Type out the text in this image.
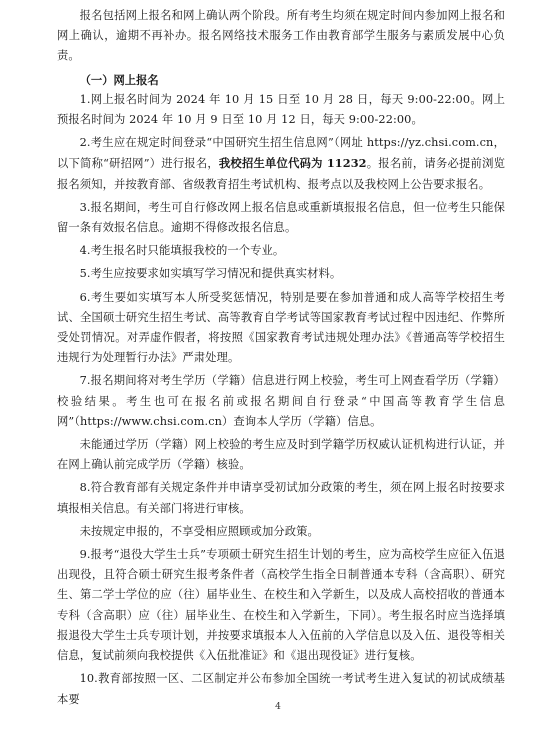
报名包括网上报名和网上确认两个阶段。所有考生均须在规定时间内参加网上报名和网上确认，逾期不再补办。报名网络技术服务工作由教育部学生服务与素质发展中心负责。

（一）网上报名

1.网上报名时间为 2024 年 10 月 15 日至 10 月 28 日，每天 9:00-22:00。网上预报名时间为 2024 年 10 月 9 日至 10 月 12 日，每天 9:00-22:00。

2.考生应在规定时间登录“中国研究生招生信息网”（网址 https://yz.chsi.com.cn，以下简称“研招网”）进行报名，我校招生单位代码为 11232。报名前，请务必提前浏览报名须知，并按教育部、省级教育招生考试机构、报考点以及我校网上公告要求报名。

3.报名期间，考生可自行修改网上报名信息或重新填报报名信息，但一位考生只能保留一条有效报名信息。逾期不得修改报名信息。

4.考生报名时只能填报我校的一个专业。

5.考生应按要求如实填写学习情况和提供真实材料。

6.考生要如实填写本人所受奖惩情况，特别是要在参加普通和成人高等学校招生考试、全国硕士研究生招生考试、高等教育自学考试等国家教育考试过程中因违纪、作弊所受处罚情况。对弄虚作假者，将按照《国家教育考试违规处理办法》《普通高等学校招生违规行为处理暂行办法》严肃处理。

7.报名期间将对考生学历（学籍）信息进行网上校验，考生可上网查看学历（学籍）校验结果。考生也可在报名前或报名期间自行登录“中国高等教育学生信息网”（https://www.chsi.com.cn）查询本人学历（学籍）信息。

未能通过学历（学籍）网上校验的考生应及时到学籍学历权威认证机构进行认证，并在网上确认前完成学历（学籍）核验。

8.符合教育部有关规定条件并申请享受初试加分政策的考生，须在网上报名时按要求填报相关信息。有关部门将进行审核。

未按规定申报的，不享受相应照顾或加分政策。

9.报考“退役大学生士兵”专项硕士研究生招生计划的考生，应为高校学生应征入伍退出现役，且符合硕士研究生报考条件者（高校学生指全日制普通本专科（含高职）、研究生、第二学士学位的应（往）届毕业生、在校生和入学新生，以及成人高校招收的普通本专科（含高职）应（往）届毕业生、在校生和入学新生，下同）。考生报名时应当选择填报退役大学生士兵专项计划，并按要求填报本人入伍前的入学信息以及入伍、退役等相关信息，复试前须向我校提供《入伍批准证》和《退出现役证》进行复核。

10.教育部按照一区、二区制定并公布参加全国统一考试考生进入复试的初试成绩基本要

4
